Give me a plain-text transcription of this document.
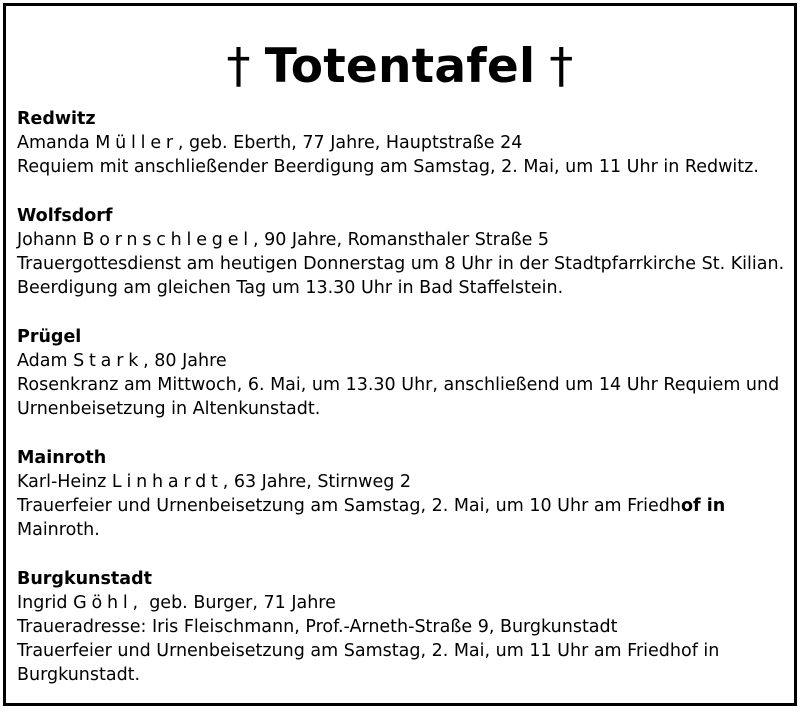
† Totentafel †
Redwitz
Amanda Müller, geb. Eberth, 77 Jahre, Hauptstraße 24
Requiem mit anschließender Beerdigung am Samstag, 2. Mai, um 11 Uhr in Redwitz.
Wolfsdorf
Johann Bornschlegel, 90 Jahre, Romansthaler Straße 5
Trauergottesdienst am heutigen Donnerstag um 8 Uhr in der Stadtpfarrkirche St. Kilian.
Beerdigung am gleichen Tag um 13.30 Uhr in Bad Staffelstein.
Prügel
Adam Stark, 80 Jahre
Rosenkranz am Mittwoch, 6. Mai, um 13.30 Uhr, anschließend um 14 Uhr Requiem und
Urnenbeisetzung in Altenkunstadt.
Mainroth
Karl-Heinz Linhardt, 63 Jahre, Stirnweg 2
Trauerfeier und Urnenbeisetzung am Samstag, 2. Mai, um 10 Uhr am Friedhof in
Mainroth.
Burgkunstadt
Ingrid Göhl,  geb. Burger, 71 Jahre
Traueradresse: Iris Fleischmann, Prof.-Arneth-Straße 9, Burgkunstadt
Trauerfeier und Urnenbeisetzung am Samstag, 2. Mai, um 11 Uhr am Friedhof in
Burgkunstadt.
